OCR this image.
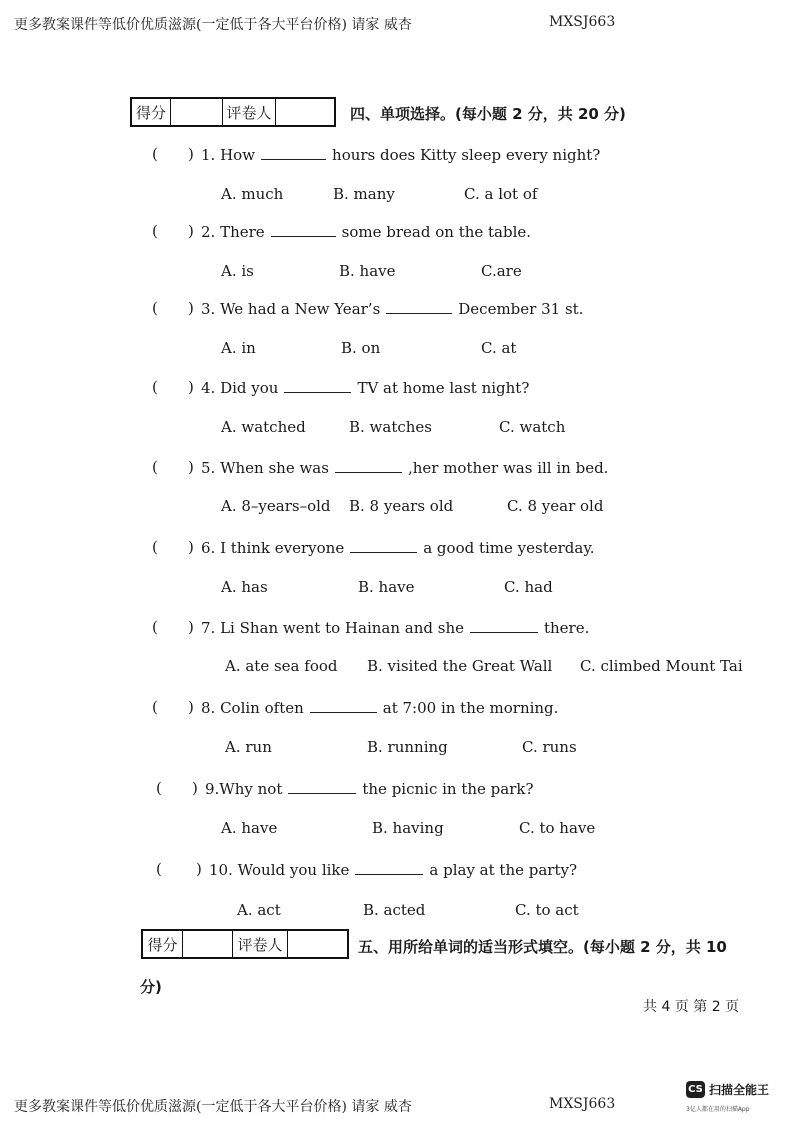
更多教案课件等低价优质滋源(一定低于各大平台价格) 请家 威杏	MXSJ663
得分	评卷人	四、单项选择。(每小题 2 分，共 20 分)
( ) 1. How	hours does Kitty sleep every night?
A. much	B. many	C. a lot of
( ) 2. There	some bread on the table.
A. is	B. have	C.are
( ) 3. We had a New Year’s	December 31 st.
A. in	B. on	C. at
( ) 4. Did you	TV at home last night?
A. watched	B. watches	C. watch
( ) 5. When she was	,her mother was ill in bed.
A. 8–years–old B. 8 years old	C. 8 year old
( ) 6. I think everyone	a good time yesterday.
A. has	B. have	C. had
( ) 7. Li Shan went to Hainan and she	there.
A. ate sea food B. visited the Great Wall C. climbed Mount Tai
( ) 8. Colin often	at 7:00 in the morning.
A. run	B. running	C. runs
( ) 9.Why not	the picnic in the park?
A. have	B. having	C. to have
( ) 10. Would you like	a play at the party?
A. act	B. acted	C. to act
得分	评卷人	五、用所给单词的适当形式填空。(每小题 2 分，共 10
分)
共 4 页 第 2 页
更多教案课件等低价优质滋源(一定低于各大平台价格) 请家 威杏	MXSJ663
CS 扫描全能王
3亿人都在用的扫描App
